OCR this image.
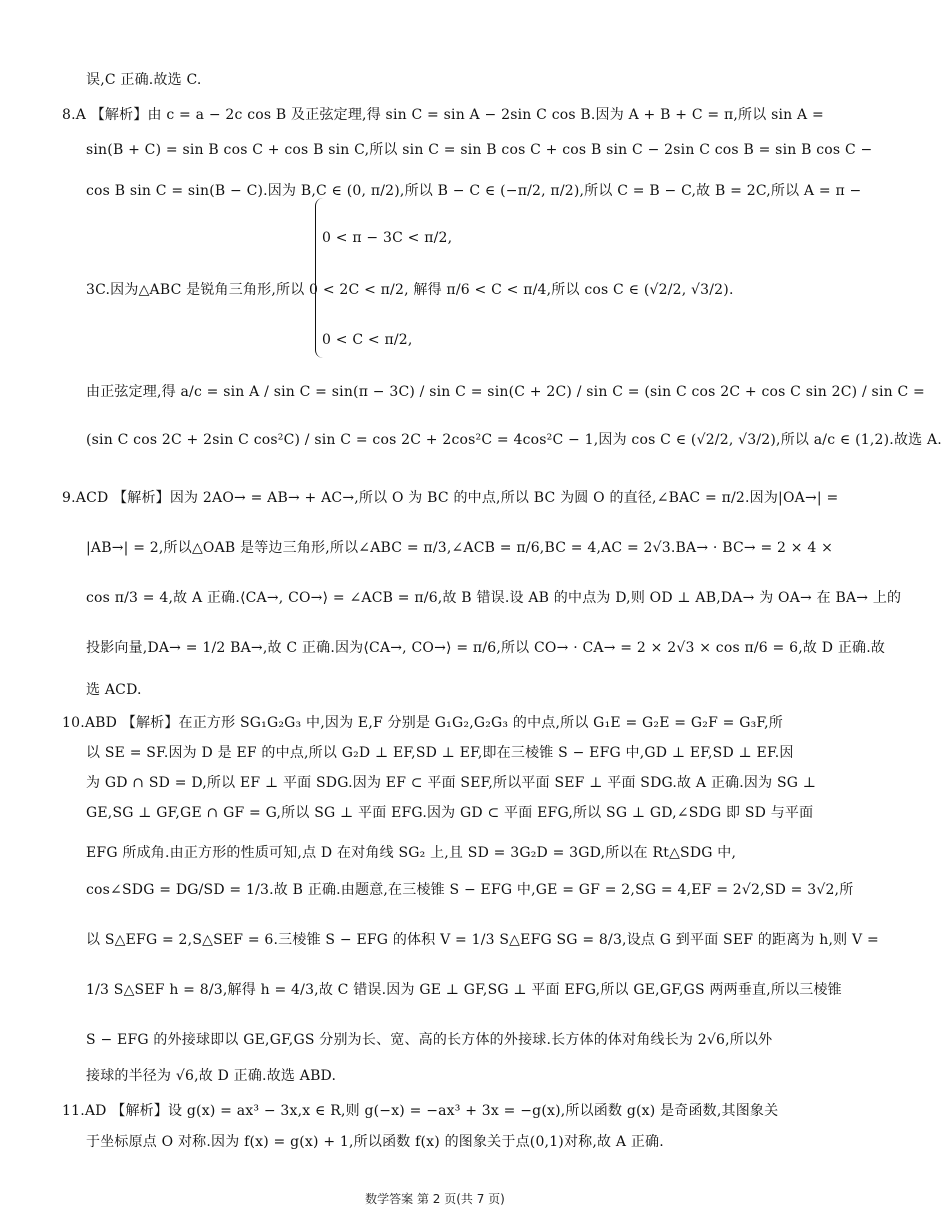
误,C 正确.故选 C.
8.A 【解析】由 c = a − 2c cos B 及正弦定理,得 sin C = sin A − 2sin C cos B.因为 A + B + C = π,所以 sin A =
sin(B + C) = sin B cos C + cos B sin C,所以 sin C = sin B cos C + cos B sin C − 2sin C cos B = sin B cos C −
cos B sin C = sin(B − C).因为 B,C ∈ (0, π/2),所以 B − C ∈ (−π/2, π/2),所以 C = B − C,故 B = 2C,所以 A = π −
0 < π − 3C < π/2,
3C.因为△ABC 是锐角三角形,所以 0 < 2C < π/2, 解得 π/6 < C < π/4,所以 cos C ∈ (√2/2, √3/2).
0 < C < π/2,
由正弦定理,得 a/c = sin A / sin C = sin(π − 3C) / sin C = sin(C + 2C) / sin C = (sin C cos 2C + cos C sin 2C) / sin C =
(sin C cos 2C + 2sin C cos²C) / sin C = cos 2C + 2cos²C = 4cos²C − 1,因为 cos C ∈ (√2/2, √3/2),所以 a/c ∈ (1,2).故选 A.
9.ACD 【解析】因为 2AO→ = AB→ + AC→,所以 O 为 BC 的中点,所以 BC 为圆 O 的直径,∠BAC = π/2.因为|OA→| =
|AB→| = 2,所以△OAB 是等边三角形,所以∠ABC = π/3,∠ACB = π/6,BC = 4,AC = 2√3.BA→ · BC→ = 2 × 4 ×
cos π/3 = 4,故 A 正确.⟨CA→, CO→⟩ = ∠ACB = π/6,故 B 错误.设 AB 的中点为 D,则 OD ⊥ AB,DA→ 为 OA→ 在 BA→ 上的
投影向量,DA→ = 1/2 BA→,故 C 正确.因为⟨CA→, CO→⟩ = π/6,所以 CO→ · CA→ = 2 × 2√3 × cos π/6 = 6,故 D 正确.故
选 ACD.
10.ABD 【解析】在正方形 SG₁G₂G₃ 中,因为 E,F 分别是 G₁G₂,G₂G₃ 的中点,所以 G₁E = G₂E = G₂F = G₃F,所
以 SE = SF.因为 D 是 EF 的中点,所以 G₂D ⊥ EF,SD ⊥ EF,即在三棱锥 S − EFG 中,GD ⊥ EF,SD ⊥ EF.因
为 GD ∩ SD = D,所以 EF ⊥ 平面 SDG.因为 EF ⊂ 平面 SEF,所以平面 SEF ⊥ 平面 SDG.故 A 正确.因为 SG ⊥
GE,SG ⊥ GF,GE ∩ GF = G,所以 SG ⊥ 平面 EFG.因为 GD ⊂ 平面 EFG,所以 SG ⊥ GD,∠SDG 即 SD 与平面
EFG 所成角.由正方形的性质可知,点 D 在对角线 SG₂ 上,且 SD = 3G₂D = 3GD,所以在 Rt△SDG 中,
cos∠SDG = DG/SD = 1/3.故 B 正确.由题意,在三棱锥 S − EFG 中,GE = GF = 2,SG = 4,EF = 2√2,SD = 3√2,所
以 S△EFG = 2,S△SEF = 6.三棱锥 S − EFG 的体积 V = 1/3 S△EFG SG = 8/3,设点 G 到平面 SEF 的距离为 h,则 V =
1/3 S△SEF h = 8/3,解得 h = 4/3,故 C 错误.因为 GE ⊥ GF,SG ⊥ 平面 EFG,所以 GE,GF,GS 两两垂直,所以三棱锥
S − EFG 的外接球即以 GE,GF,GS 分别为长、宽、高的长方体的外接球.长方体的体对角线长为 2√6,所以外
接球的半径为 √6,故 D 正确.故选 ABD.
11.AD 【解析】设 g(x) = ax³ − 3x,x ∈ R,则 g(−x) = −ax³ + 3x = −g(x),所以函数 g(x) 是奇函数,其图象关
于坐标原点 O 对称.因为 f(x) = g(x) + 1,所以函数 f(x) 的图象关于点(0,1)对称,故 A 正确.
数学答案 第 2 页(共 7 页)
